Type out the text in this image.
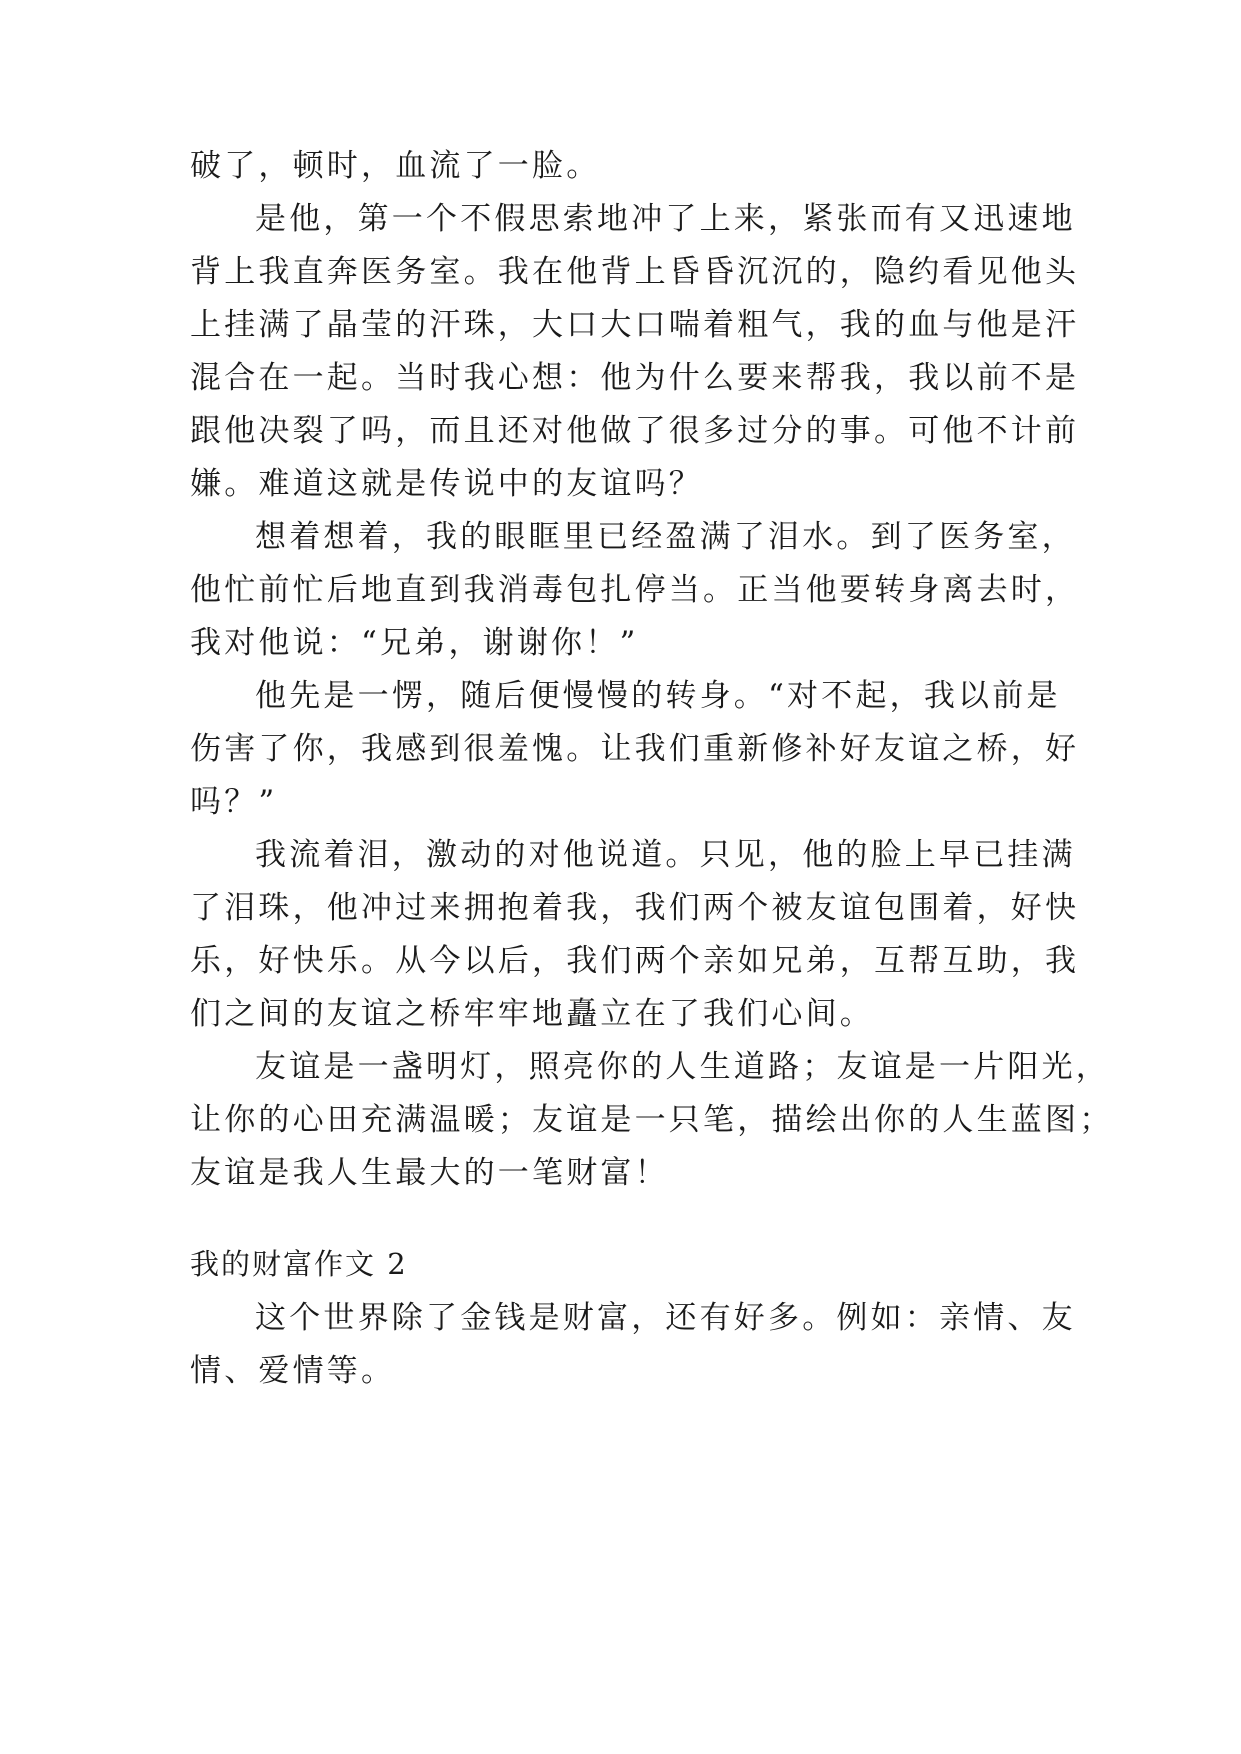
破了，顿时，血流了一脸。
是他，第一个不假思索地冲了上来，紧张而有又迅速地
背上我直奔医务室。我在他背上昏昏沉沉的，隐约看见他头
上挂满了晶莹的汗珠，大口大口喘着粗气，我的血与他是汗
混合在一起。当时我心想：他为什么要来帮我，我以前不是
跟他决裂了吗，而且还对他做了很多过分的事。可他不计前
嫌。难道这就是传说中的友谊吗？
想着想着，我的眼眶里已经盈满了泪水。到了医务室，
他忙前忙后地直到我消毒包扎停当。正当他要转身离去时，
我对他说：“兄弟，谢谢你！”
他先是一愣，随后便慢慢的转身。“对不起，我以前是
伤害了你，我感到很羞愧。让我们重新修补好友谊之桥，好
吗？”
我流着泪，激动的对他说道。只见，他的脸上早已挂满
了泪珠，他冲过来拥抱着我，我们两个被友谊包围着，好快
乐，好快乐。从今以后，我们两个亲如兄弟，互帮互助，我
们之间的友谊之桥牢牢地矗立在了我们心间。
友谊是一盏明灯，照亮你的人生道路；友谊是一片阳光，
让你的心田充满温暖；友谊是一只笔，描绘出你的人生蓝图；
友谊是我人生最大的一笔财富！
我的财富作文 2
这个世界除了金钱是财富，还有好多。例如：亲情、友
情、爱情等。
